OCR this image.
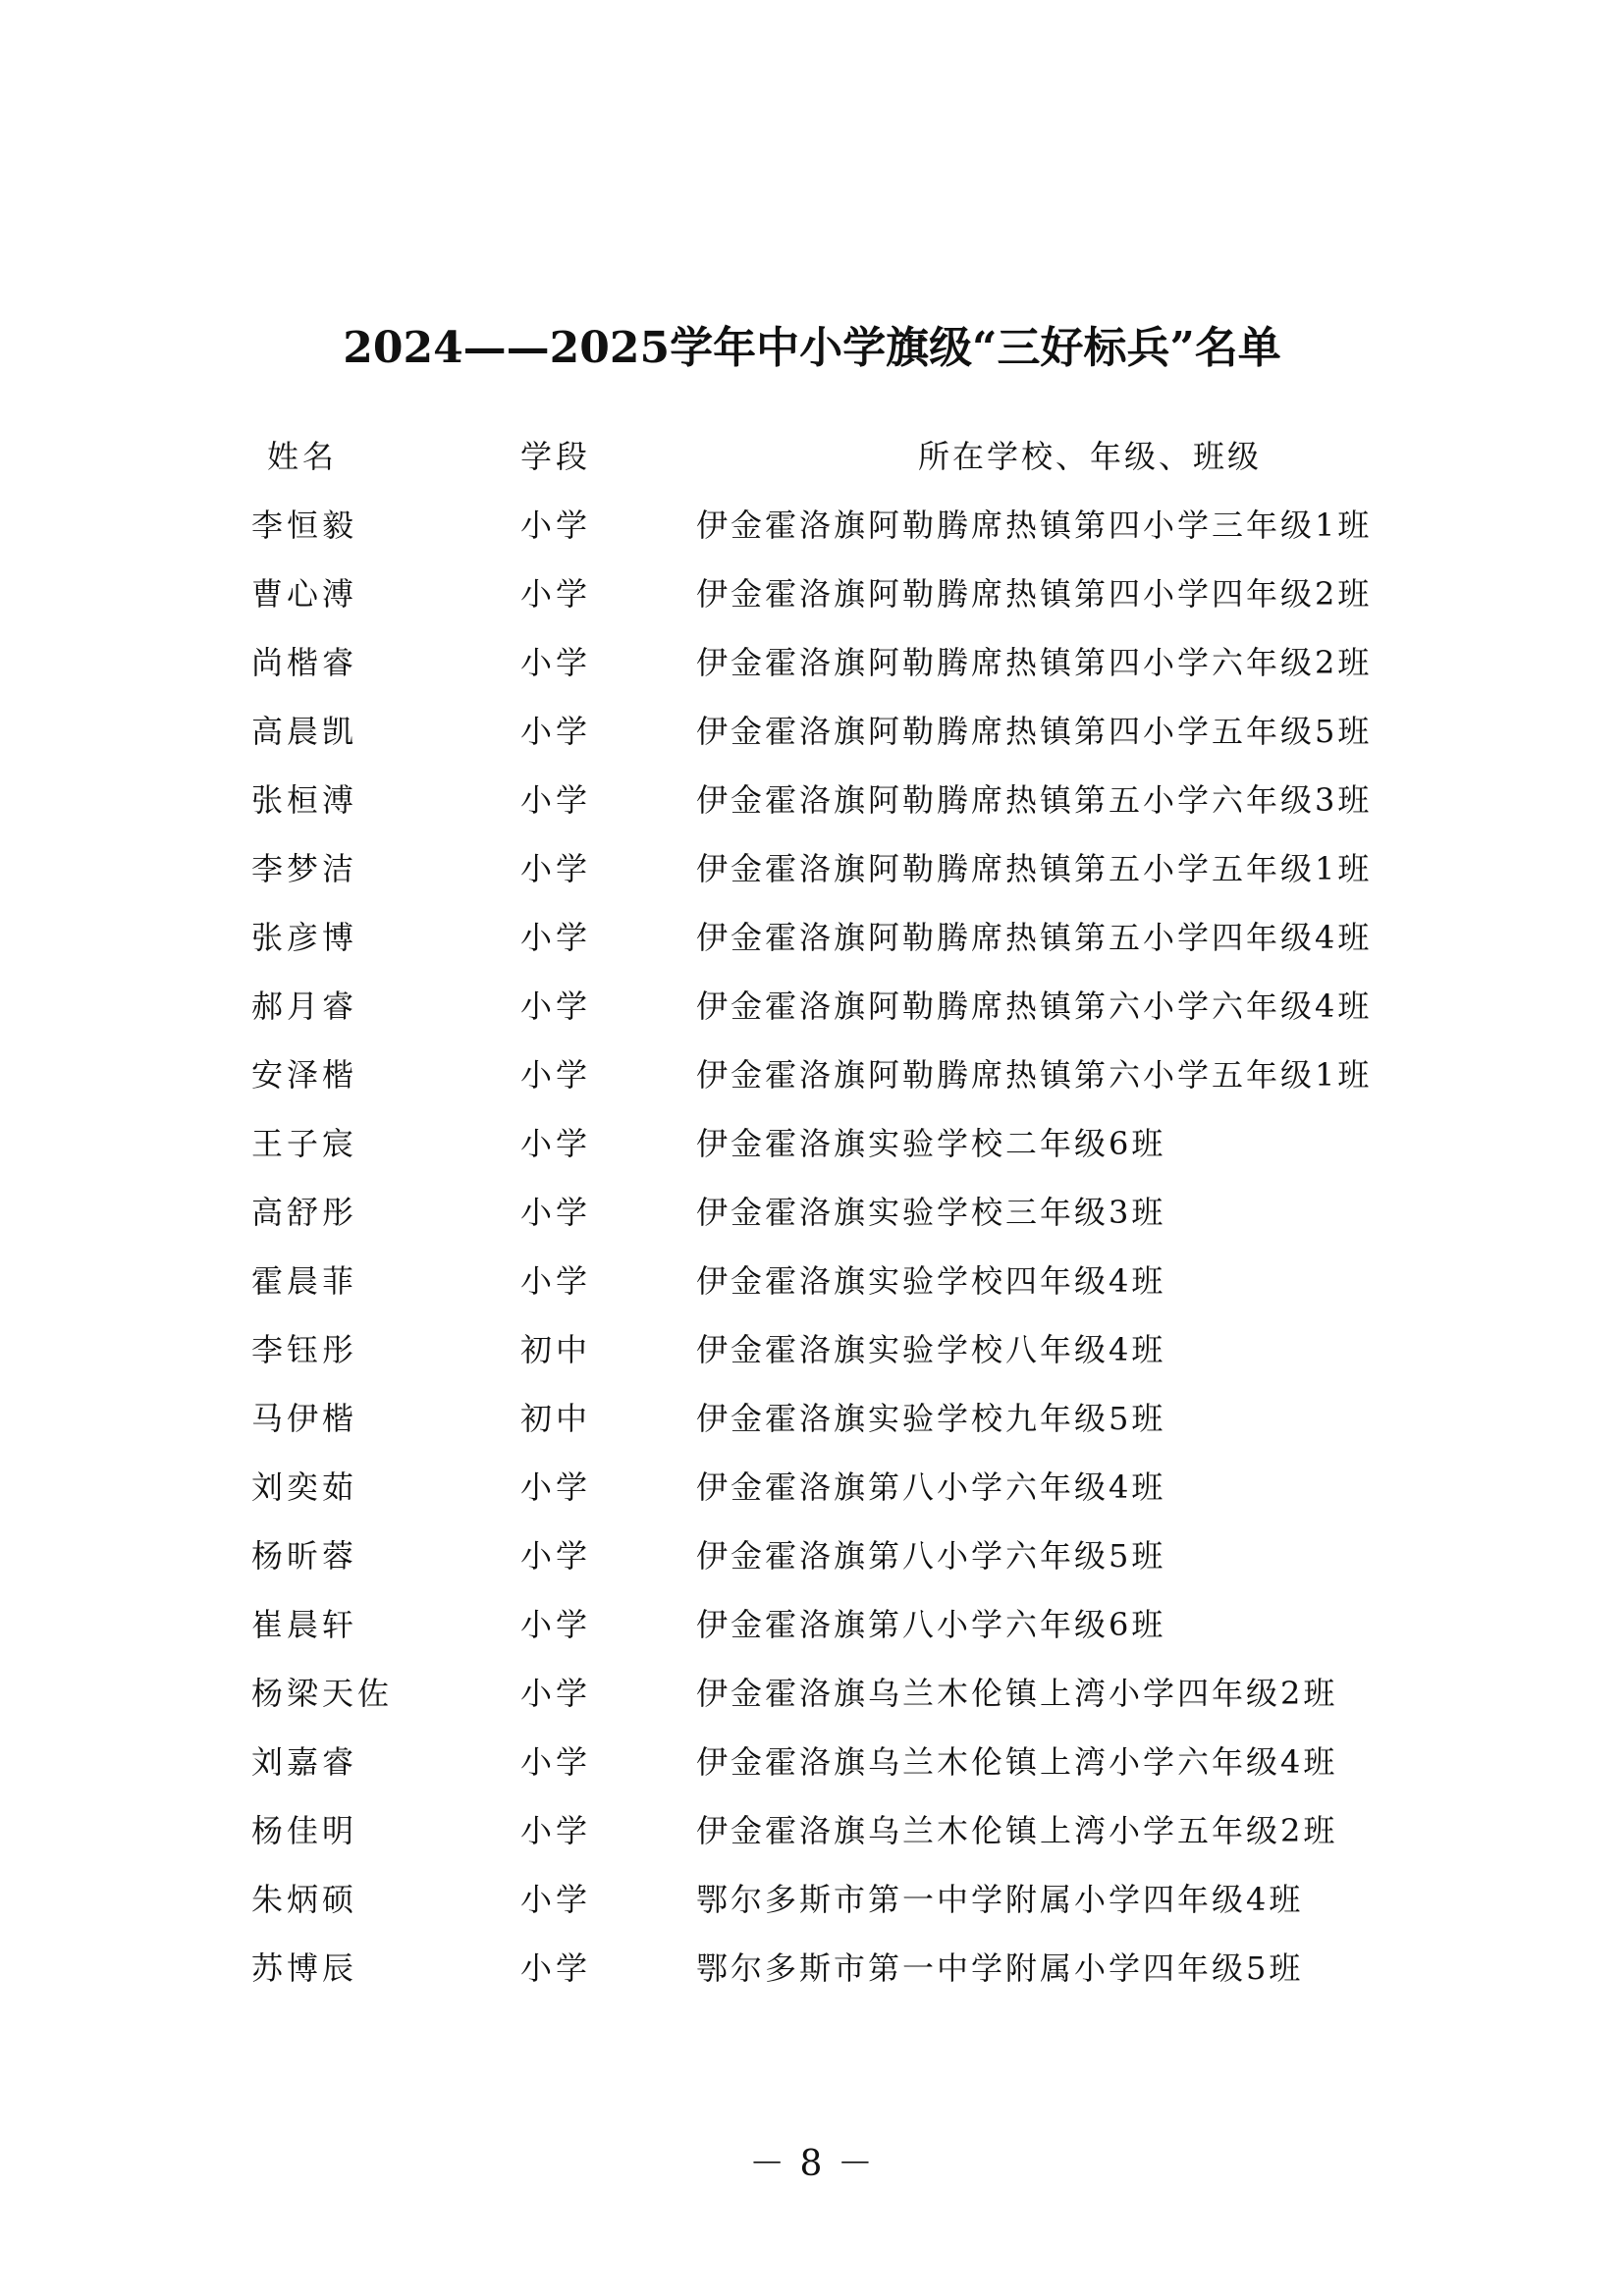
2024——2025学年中小学旗级“三好标兵”名单
姓名	学段	所在学校、年级、班级
李恒毅	小学	伊金霍洛旗阿勒腾席热镇第四小学三年级1班
曹心溥	小学	伊金霍洛旗阿勒腾席热镇第四小学四年级2班
尚楷睿	小学	伊金霍洛旗阿勒腾席热镇第四小学六年级2班
高晨凯	小学	伊金霍洛旗阿勒腾席热镇第四小学五年级5班
张桓溥	小学	伊金霍洛旗阿勒腾席热镇第五小学六年级3班
李梦洁	小学	伊金霍洛旗阿勒腾席热镇第五小学五年级1班
张彦博	小学	伊金霍洛旗阿勒腾席热镇第五小学四年级4班
郝月睿	小学	伊金霍洛旗阿勒腾席热镇第六小学六年级4班
安泽楷	小学	伊金霍洛旗阿勒腾席热镇第六小学五年级1班
王子宸	小学	伊金霍洛旗实验学校二年级6班
高舒彤	小学	伊金霍洛旗实验学校三年级3班
霍晨菲	小学	伊金霍洛旗实验学校四年级4班
李钰彤	初中	伊金霍洛旗实验学校八年级4班
马伊楷	初中	伊金霍洛旗实验学校九年级5班
刘奕茹	小学	伊金霍洛旗第八小学六年级4班
杨昕蓉	小学	伊金霍洛旗第八小学六年级5班
崔晨轩	小学	伊金霍洛旗第八小学六年级6班
杨梁天佐	小学	伊金霍洛旗乌兰木伦镇上湾小学四年级2班
刘嘉睿	小学	伊金霍洛旗乌兰木伦镇上湾小学六年级4班
杨佳明	小学	伊金霍洛旗乌兰木伦镇上湾小学五年级2班
朱炳硕	小学	鄂尔多斯市第一中学附属小学四年级4班
苏博辰	小学	鄂尔多斯市第一中学附属小学四年级5班
－ 8 －
